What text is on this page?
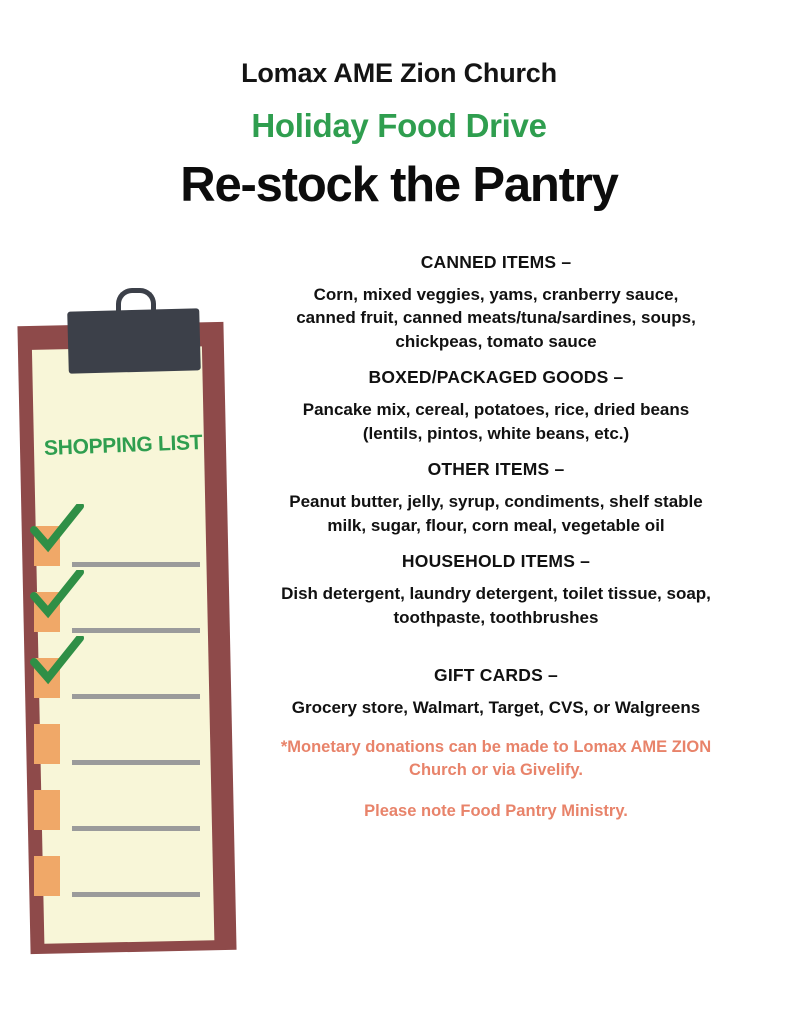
Lomax AME Zion Church
Holiday Food Drive
Re-stock the Pantry
SHOPPING LIST
CANNED ITEMS –
Corn, mixed veggies, yams, cranberry sauce,
canned fruit, canned meats/tuna/sardines, soups,
chickpeas, tomato sauce
BOXED/PACKAGED GOODS –
Pancake mix, cereal, potatoes, rice, dried beans
(lentils, pintos, white beans, etc.)
OTHER ITEMS –
Peanut butter, jelly, syrup, condiments, shelf stable
milk, sugar, flour, corn meal, vegetable oil
HOUSEHOLD ITEMS –
Dish detergent, laundry detergent, toilet tissue, soap,
toothpaste, toothbrushes
GIFT CARDS –
Grocery store, Walmart, Target, CVS, or Walgreens
*Monetary donations can be made to Lomax AME ZION
Church or via Givelify.
Please note Food Pantry Ministry.
